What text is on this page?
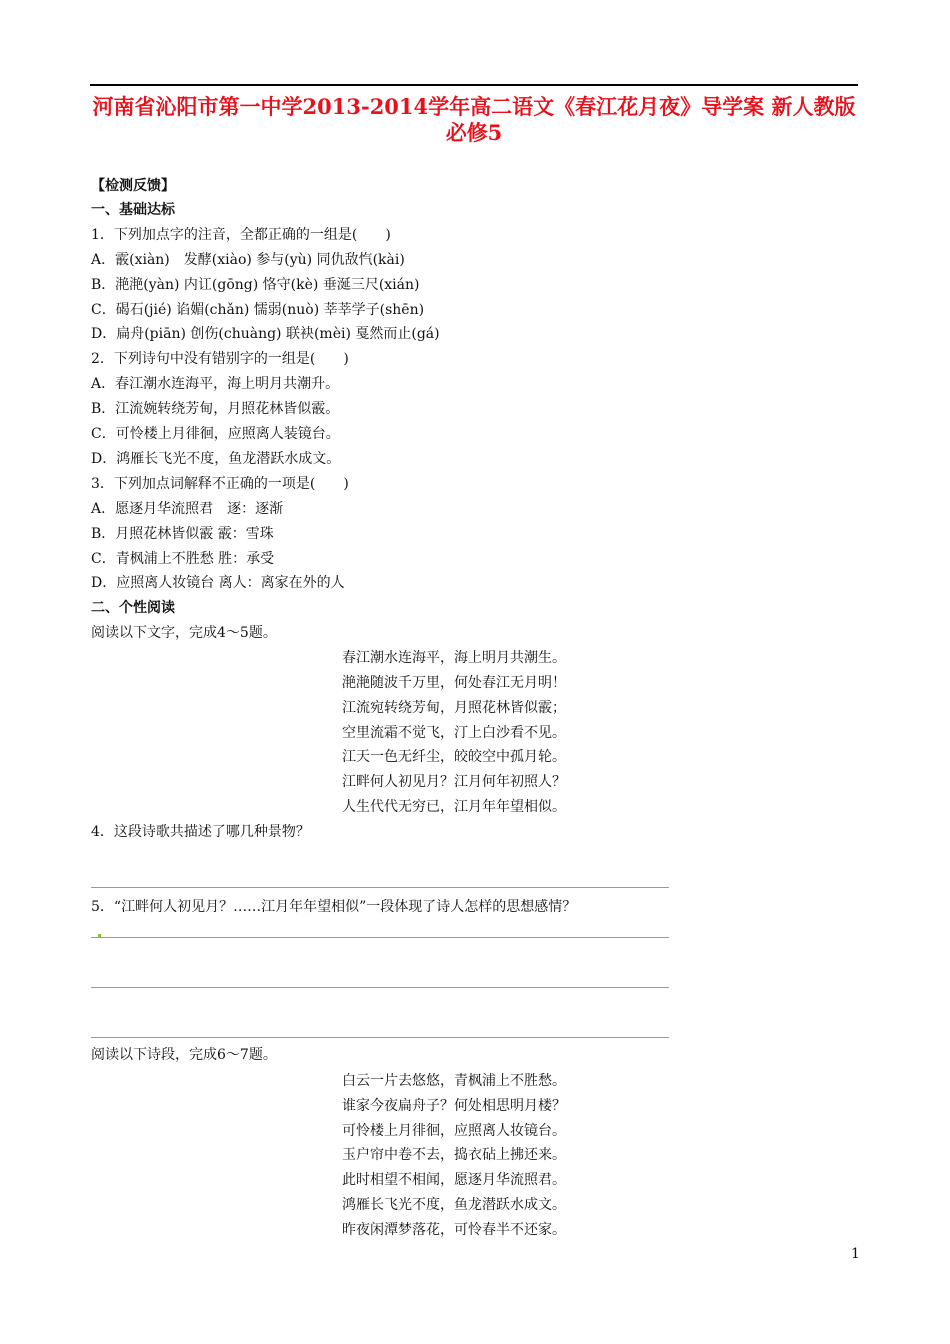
河南省沁阳市第一中学2013-2014学年高二语文《春江花月夜》导学案 新人教版
必修5
【检测反馈】
一、基础达标
1．下列加点字的注音，全都正确的一组是(　　)
A．霰(xiàn)　发酵(xiào) 参与(yù) 同仇敌忾(kài)
B．滟滟(yàn) 内讧(gōng) 恪守(kè) 垂涎三尺(xián)
C．碣石(jié) 谄媚(chǎn) 懦弱(nuò) 莘莘学子(shēn)
D．扁舟(piān) 创伤(chuàng) 联袂(mèi) 戛然而止(gá)
2．下列诗句中没有错别字的一组是(　　)
A．春江潮水连海平，海上明月共潮升。
B．江流婉转绕芳甸，月照花林皆似霰。
C．可怜楼上月徘徊，应照离人装镜台。
D．鸿雁长飞光不度，鱼龙潜跃水成文。
3．下列加点词解释不正确的一项是(　　)
A．愿逐月华流照君　逐：逐渐
B．月照花林皆似霰 霰：雪珠
C．青枫浦上不胜愁 胜：承受
D．应照离人妆镜台 离人：离家在外的人
二、个性阅读
阅读以下文字，完成4～5题。
春江潮水连海平，海上明月共潮生。
滟滟随波千万里，何处春江无月明！
江流宛转绕芳甸，月照花林皆似霰；
空里流霜不觉飞，汀上白沙看不见。
江天一色无纤尘，皎皎空中孤月轮。
江畔何人初见月？江月何年初照人？
人生代代无穷已，江月年年望相似。
4．这段诗歌共描述了哪几种景物？
5．“江畔何人初见月？……江月年年望相似”一段体现了诗人怎样的思想感情？
阅读以下诗段，完成6～7题。
白云一片去悠悠，青枫浦上不胜愁。
谁家今夜扁舟子？何处相思明月楼？
可怜楼上月徘徊，应照离人妆镜台。
玉户帘中卷不去，捣衣砧上拂还来。
此时相望不相闻，愿逐月华流照君。
鸿雁长飞光不度，鱼龙潜跃水成文。
昨夜闲潭梦落花，可怜春半不还家。
1
